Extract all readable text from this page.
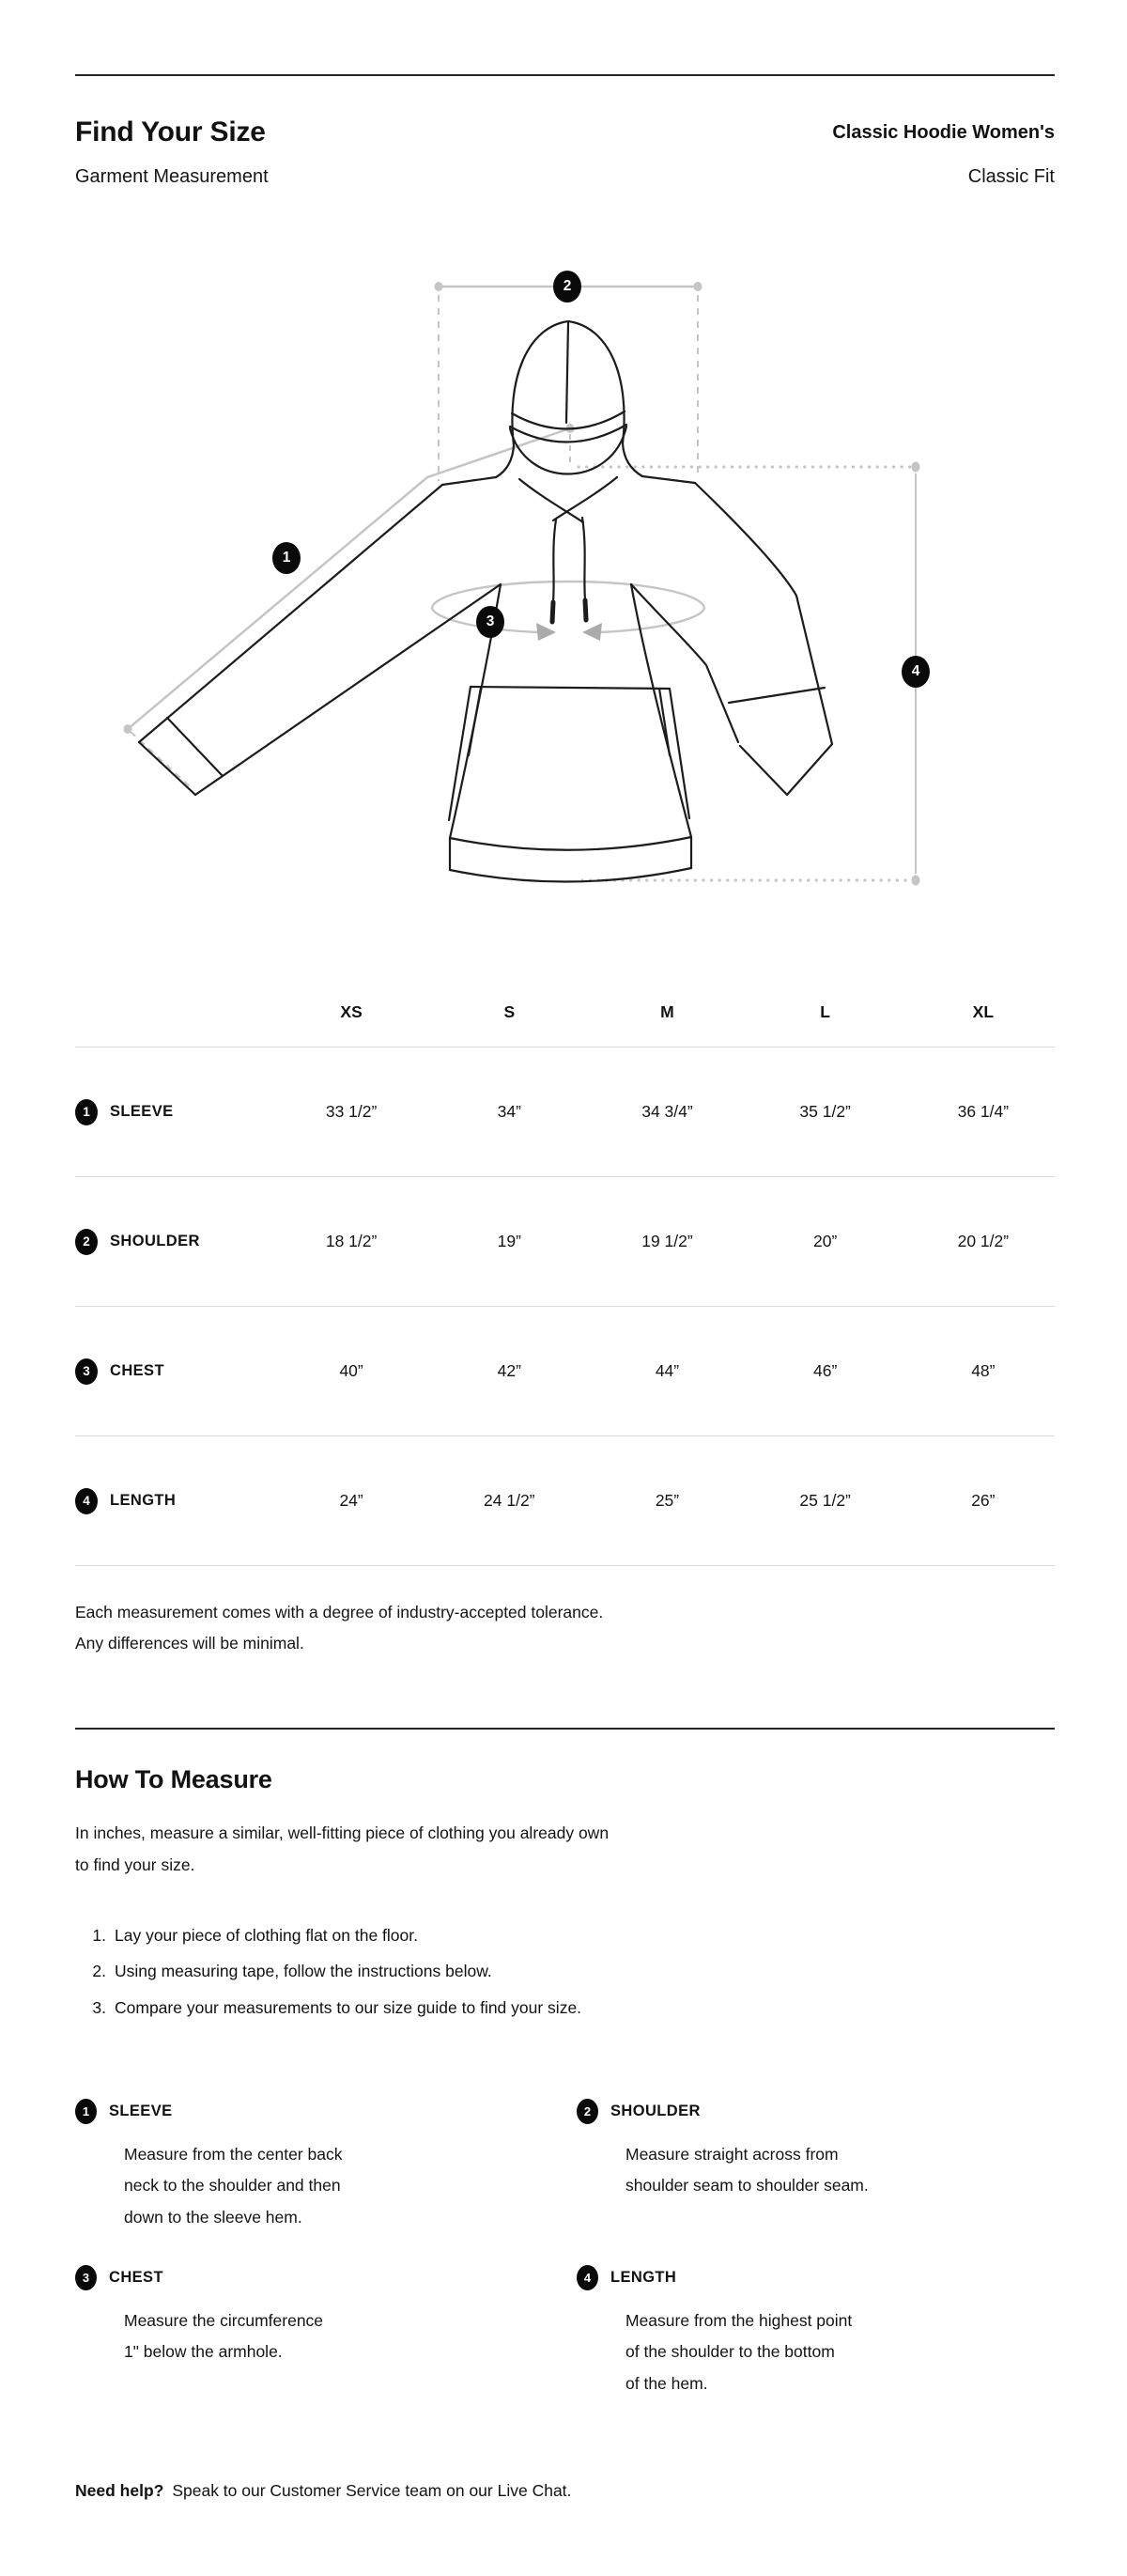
Find Your Size	Classic Hoodie Women's
Garment Measurement	Classic Fit
1
2
3
4
XS	S	M	L	XL
1	SLEEVE	33 1/2”	34”	34 3/4”	35 1/2”	36 1/4”
2	SHOULDER	18 1/2”	19”	19 1/2”	20”	20 1/2”
3	CHEST	40”	42”	44”	46”	48”
4	LENGTH	24”	24 1/2”	25”	25 1/2”	26”
Each measurement comes with a degree of industry-accepted tolerance.
Any differences will be minimal.
How To Measure
In inches, measure a similar, well-fitting piece of clothing you already own
to find your size.
1. Lay your piece of clothing flat on the floor.
2. Using measuring tape, follow the instructions below.
3. Compare your measurements to our size guide to find your size.
1	SLEEVE
Measure from the center back
neck to the shoulder and then
down to the sleeve hem.
2	SHOULDER
Measure straight across from
shoulder seam to shoulder seam.
3	CHEST
Measure the circumference
1" below the armhole.
4	LENGTH
Measure from the highest point
of the shoulder to the bottom
of the hem.
Need help? Speak to our Customer Service team on our Live Chat.
